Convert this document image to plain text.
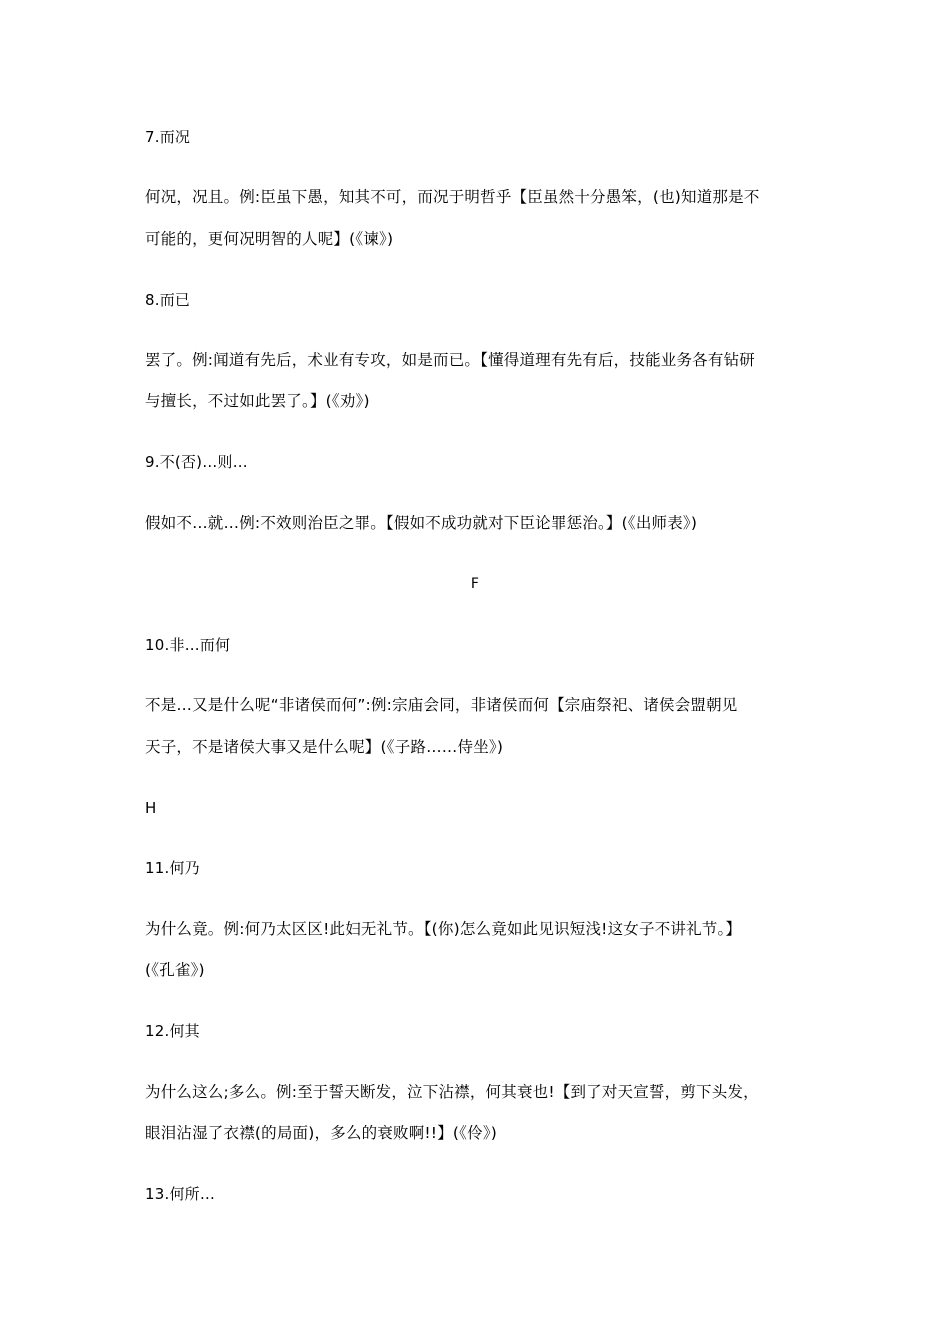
7.而况
何况，况且。例:臣虽下愚，知其不可，而况于明哲乎【臣虽然十分愚笨，(也)知道那是不
可能的，更何况明智的人呢】(《谏》)
8.而已
罢了。例:闻道有先后，术业有专攻，如是而已。【懂得道理有先有后，技能业务各有钻研
与擅长，不过如此罢了。】(《劝》)
9.不(否)…则…
假如不…就…例:不效则治臣之罪。【假如不成功就对下臣论罪惩治。】(《出师表》)
F
10.非…而何
不是…又是什么呢“非诸侯而何”:例:宗庙会同，非诸侯而何【宗庙祭祀、诸侯会盟朝见
天子，不是诸侯大事又是什么呢】(《子路……侍坐》)
H
11.何乃
为什么竟。例:何乃太区区!此妇无礼节。【(你)怎么竟如此见识短浅!这女子不讲礼节。】
(《孔雀》)
12.何其
为什么这么;多么。例:至于誓天断发，泣下沾襟，何其衰也!【到了对天宣誓，剪下头发，
眼泪沾湿了衣襟(的局面)，多么的衰败啊!!】(《伶》)
13.何所…
